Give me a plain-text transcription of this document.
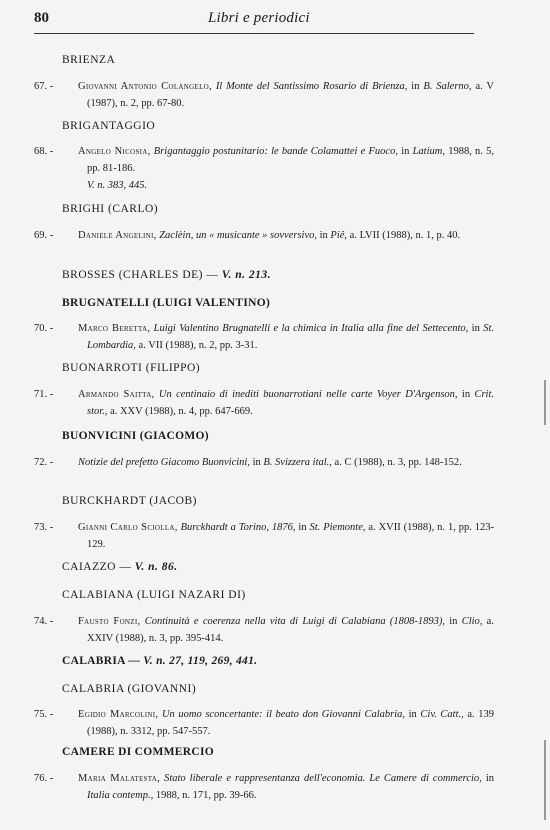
80	Libri e periodici
BRIENZA
67. -	Giovanni Antonio Colangelo, Il Monte del Santissimo Rosario di Brienza, in B. Salerno, a. V (1987), n. 2, pp. 67-80.
BRIGANTAGGIO
68. -	Angelo Nicosia, Brigantaggio postunitario: le bande Colamattei e Fuoco, in Latium, 1988, n. 5, pp. 81-186.
V. n. 383, 445.
BRIGHI (CARLO)
69. -	Daniele Angelini, Zaclèin, un « musicante » sovversivo, in Piê, a. LVII (1988), n. 1, p. 40.
BROSSES (CHARLES DE) — V. n. 213.
BRUGNATELLI (LUIGI VALENTINO)
70. -	Marco Beretta, Luigi Valentino Brugnatelli e la chimica in Italia alla fine del Settecento, in St. Lombardia, a. VII (1988), n. 2, pp. 3-31.
BUONARROTI (FILIPPO)
71. -	Armando Saitta, Un centinaio di inediti buonarrotiani nelle carte Voyer D'Argenson, in Crit. stor., a. XXV (1988), n. 4, pp. 647-669.
BUONVICINI (GIACOMO)
72. -	Notizie del prefetto Giacomo Buonvicini, in B. Svizzera ital., a. C (1988), n. 3, pp. 148-152.
BURCKHARDT (JACOB)
73. -	Gianni Carlo Sciolla, Burckhardt a Torino, 1876, in St. Piemonte, a. XVII (1988), n. 1, pp. 123-129.
CAIAZZO — V. n. 86.
CALABIANA (LUIGI NAZARI DI)
74. -	Fausto Fonzi, Continuità e coerenza nella vita di Luigi di Calabiana (1808-1893), in Clio, a. XXIV (1988), n. 3, pp. 395-414.
CALABRIA — V. n. 27, 119, 269, 441.
CALABRIA (GIOVANNI)
75. -	Egidio Marcolini, Un uomo sconcertante: il beato don Giovanni Calabria, in Civ. Catt., a. 139 (1988), n. 3312, pp. 547-557.
CAMERE DI COMMERCIO
76. -	Maria Malatesta, Stato liberale e rappresentanza dell'economia. Le Camere di commercio, in Italia contemp., 1988, n. 171, pp. 39-66.
